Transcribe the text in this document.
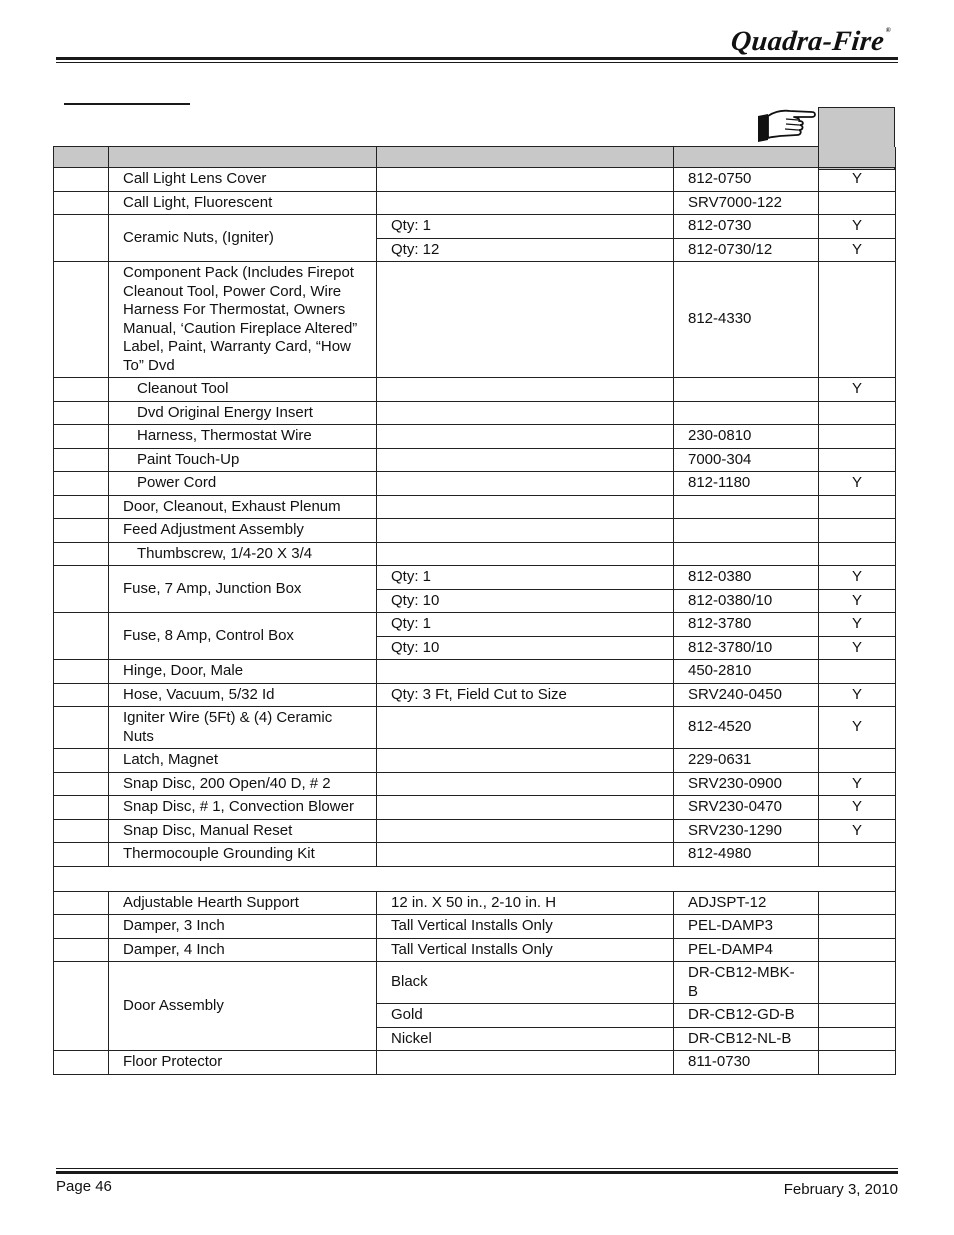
Quadra-Fire®

	Call Light Lens Cover		812-0750	Y
	Call Light, Fluorescent		SRV7000-122	
	Ceramic Nuts, (Igniter)	Qty: 1	812-0730	Y
		Qty: 12	812-0730/12	Y
	Component Pack (Includes Firepot Cleanout Tool, Power Cord, Wire Harness For Thermostat, Owners Manual, ‘Caution Fireplace Altered” Label, Paint, Warranty Card, “How To” Dvd		812-4330	
	Cleanout Tool			Y
	Dvd Original Energy Insert			
	Harness, Thermostat Wire		230-0810	
	Paint Touch-Up		7000-304	
	Power Cord		812-1180	Y
	Door, Cleanout, Exhaust Plenum			
	Feed Adjustment Assembly			
	Thumbscrew, 1/4-20 X 3/4			
	Fuse, 7 Amp, Junction Box	Qty: 1	812-0380	Y
		Qty: 10	812-0380/10	Y
	Fuse, 8 Amp, Control Box	Qty: 1	812-3780	Y
		Qty: 10	812-3780/10	Y
	Hinge, Door, Male		450-2810	
	Hose, Vacuum, 5/32 Id	Qty: 3 Ft, Field Cut to Size	SRV240-0450	Y
	Igniter Wire (5Ft) & (4) Ceramic Nuts		812-4520	Y
	Latch, Magnet		229-0631	
	Snap Disc, 200 Open/40 D, # 2		SRV230-0900	Y
	Snap Disc, # 1, Convection Blower		SRV230-0470	Y
	Snap Disc, Manual Reset		SRV230-1290	Y
	Thermocouple Grounding Kit		812-4980	

	Adjustable Hearth Support	12 in. X 50 in., 2-10 in. H	ADJSPT-12	
	Damper, 3 Inch	Tall Vertical Installs Only	PEL-DAMP3	
	Damper, 4 Inch	Tall Vertical Installs Only	PEL-DAMP4	
	Door Assembly	Black	DR-CB12-MBK-B	
		Gold	DR-CB12-GD-B	
		Nickel	DR-CB12-NL-B	
	Floor Protector		811-0730	
Page 46	February 3, 2010
